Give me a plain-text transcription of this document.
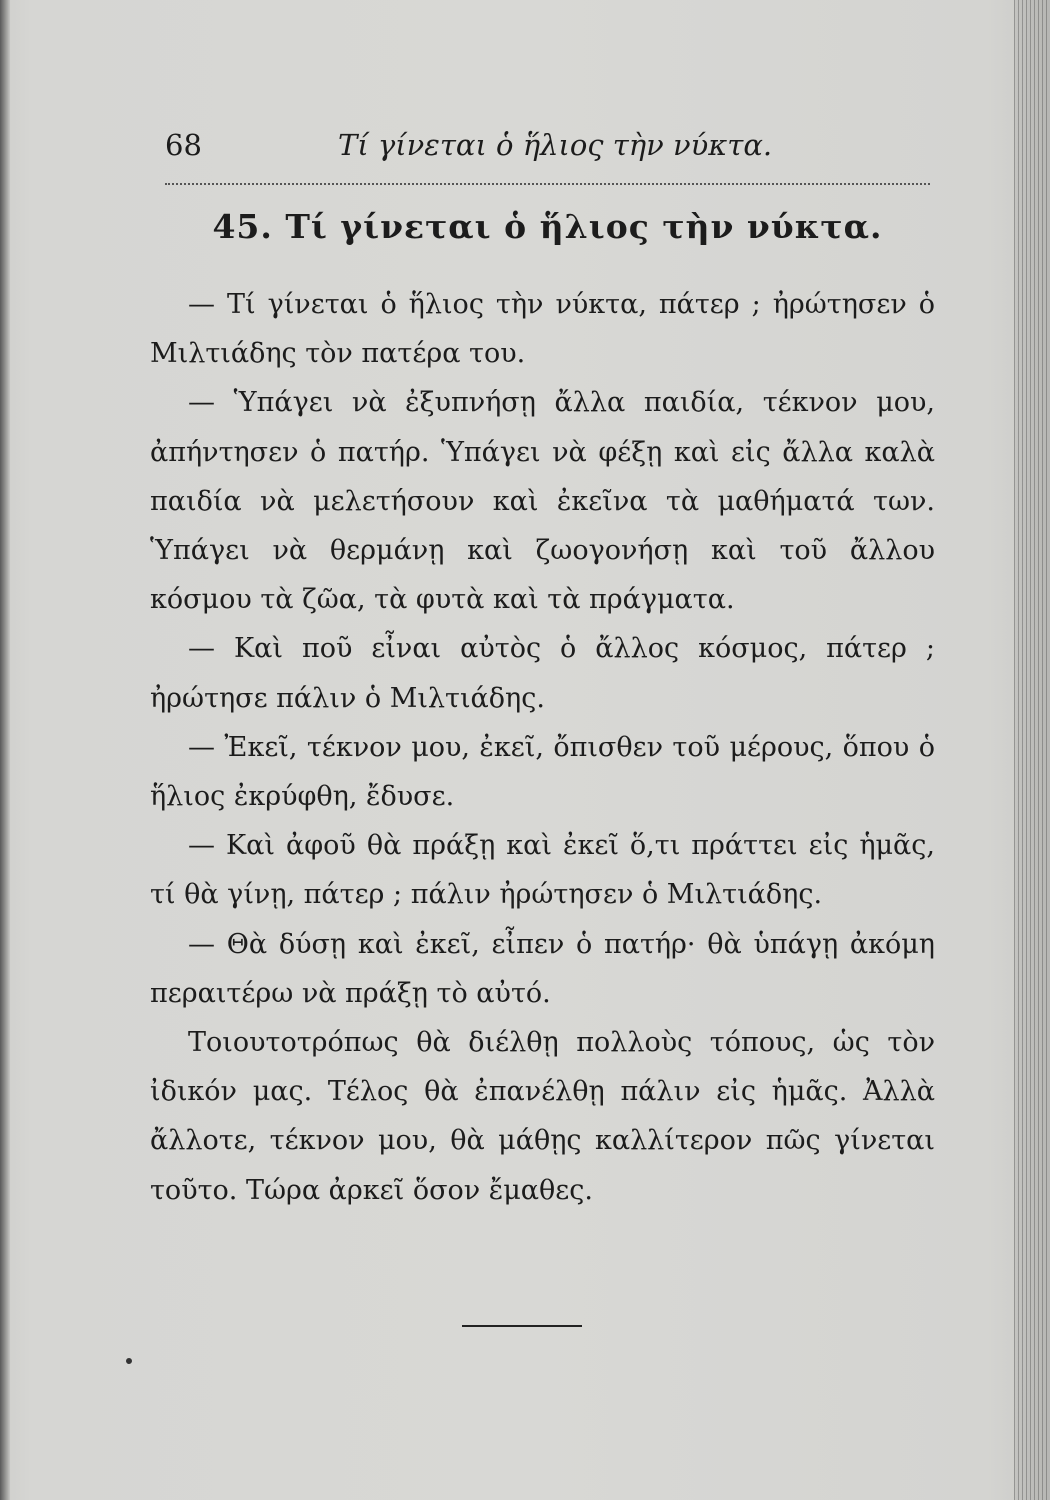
68	Τί γίνεται ὁ ἥλιος τὴν νύκτα.
45. Τί γίνεται ὁ ἥλιος τὴν νύκτα.

— Τί γίνεται ὁ ἥλιος τὴν νύκτα, πάτερ ; ἠρώτησεν ὁ Μιλτιάδης τὸν πατέρα του.

— Ὑπάγει νὰ ἐξυπνήσῃ ἄλλα παιδία, τέκνον μου, ἀπήντησεν ὁ πατήρ. Ὑπάγει νὰ φέξῃ καὶ εἰς ἄλλα καλὰ παιδία νὰ μελετήσουν καὶ ἐκεῖνα τὰ μαθήματά των. Ὑπάγει νὰ θερμάνῃ καὶ ζωογονήσῃ καὶ τοῦ ἄλλου κόσμου τὰ ζῶα, τὰ φυτὰ καὶ τὰ πράγματα.

— Καὶ ποῦ εἶναι αὐτὸς ὁ ἄλλος κόσμος, πάτερ ; ἠρώτησε πάλιν ὁ Μιλτιάδης.

— Ἐκεῖ, τέκνον μου, ἐκεῖ, ὄπισθεν τοῦ μέρους, ὅπου ὁ ἥλιος ἐκρύφθη, ἔδυσε.

— Καὶ ἀφοῦ θὰ πράξῃ καὶ ἐκεῖ ὅ,τι πράττει εἰς ἡμᾶς, τί θὰ γίνῃ, πάτερ ; πάλιν ἠρώτησεν ὁ Μιλτιάδης.

— Θὰ δύσῃ καὶ ἐκεῖ, εἶπεν ὁ πατήρ· θὰ ὑπάγῃ ἀκόμη περαιτέρω νὰ πράξῃ τὸ αὐτό.

Τοιουτοτρόπως θὰ διέλθῃ πολλοὺς τόπους, ὡς τὸν ἰδικόν μας. Τέλος θὰ ἐπανέλθῃ πάλιν εἰς ἡμᾶς. Ἀλλὰ ἄλλοτε, τέκνον μου, θὰ μάθῃς καλλίτερον πῶς γίνεται τοῦτο. Τώρα ἀρκεῖ ὅσον ἔμαθες.
